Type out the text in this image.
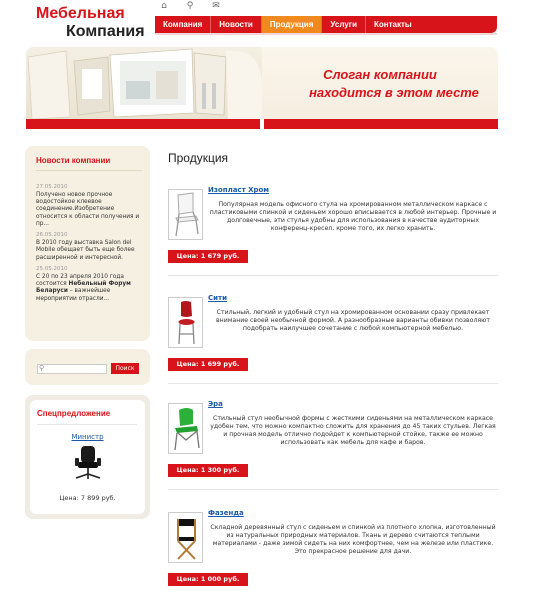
Мебельная
Компания
⌂	⚲	✉
Компания	Новости	Продукция	Услуги	Контакты
Слоган компании
находится в этом месте
Новости компании
27.05.2010
Получено новое прочное водостойкое клеевое соединение.Изобретение относится к области получения и пр...
26.05.2010
В 2010 году выставка Salon del Mobile обещает быть еще более расширенной и интересной.
25.05.2010
С 20 по 23 апреля 2010 года состоится Небельный Форум Беларуси – важнейшее мероприятии отрасли...
⚲	Поиск
Спецпредложение
Министр
Цена: 7 899 руб.
Продукция
Изопласт Хром
Популярная модель офисного стула на хромированном металлическом каркасе с пластиковыми спинкой и сиденьем хорошо вписывается в любой интерьер. Прочные и долговечные, эти стулья удобны для использования в качестве аудиторных конференц-кресел, кроме того, их легко хранить.
Цена: 1 679 руб.
Сити
Стильный, легкий и удобный стул на хромированном основании сразу привлекает внимание своей необычной формой. А разнообразные варианты обивки позволяют подобрать наилучшее сочетание с любой компьютерной мебелью.
Цена: 1 699 руб.
Эра
Стильный стул необычной формы с жесткими сиденьями на металлическом каркасе удобен тем, что можно компактно сложить для хранения до 45 таких стульев. Легкая и прочная модель отлично подойдет к компьютерной стойке, также ее можно использовать как мебель для кафе и баров.
Цена: 1 300 руб.
Фазенда
Складной деревянный стул с сиденьем и спинкой из плотного хлопка, изготовленный из натуральных природных материалов. Ткань и дерево считаются теплыми материалами - даже зимой сидеть на них комфортнее, чем на железе или пластике. Это прекрасное решение для дачи.
Цена: 1 000 руб.
